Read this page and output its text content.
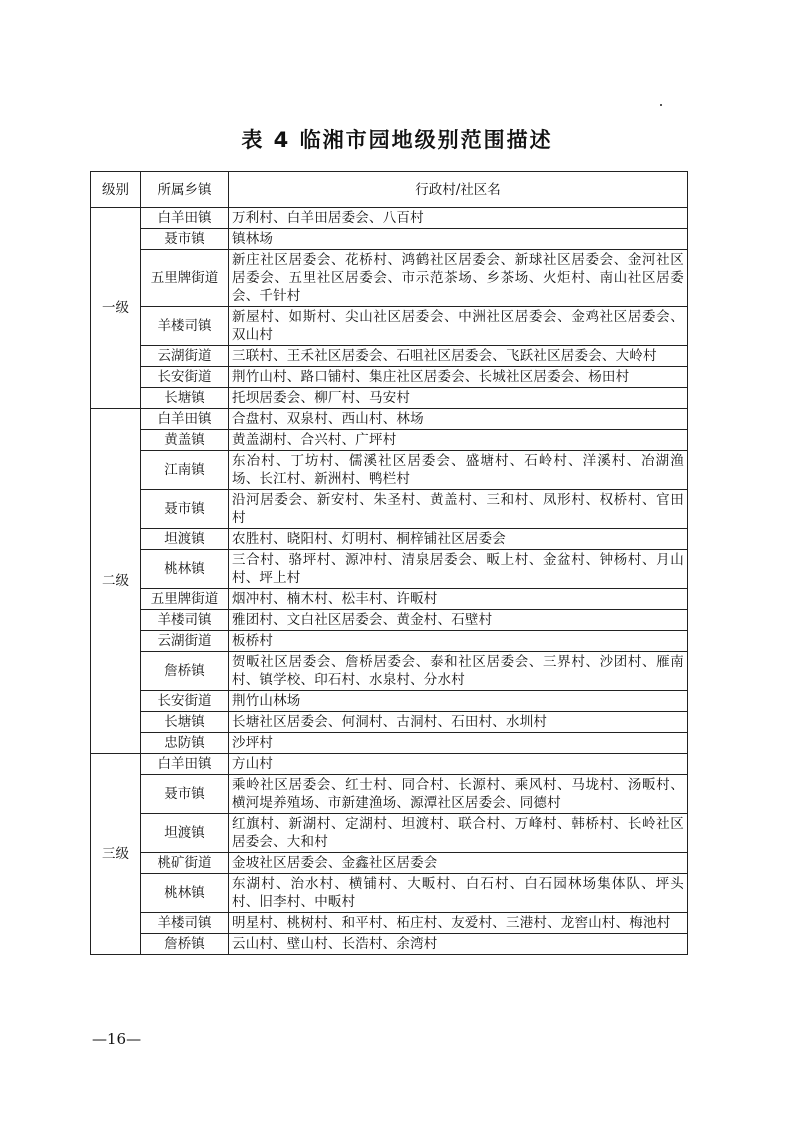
表 4 临湘市园地级别范围描述
级别	所属乡镇	行政村/社区名
一级	白羊田镇	万利村、白羊田居委会、八百村
	聂市镇	镇林场
	五里牌街道	新庄社区居委会、花桥村、鸿鹤社区居委会、新球社区居委会、金河社区居委会、五里社区居委会、市示范茶场、乡茶场、火炬村、南山社区居委会、千针村
	羊楼司镇	新屋村、如斯村、尖山社区居委会、中洲社区居委会、金鸡社区居委会、双山村
	云湖街道	三联村、王禾社区居委会、石咀社区居委会、飞跃社区居委会、大岭村
	长安街道	荆竹山村、路口铺村、集庄社区居委会、长城社区居委会、杨田村
	长塘镇	托坝居委会、柳厂村、马安村
二级	白羊田镇	合盘村、双泉村、西山村、林场
	黄盖镇	黄盖湖村、合兴村、广坪村
	江南镇	东冶村、丁坊村、儒溪社区居委会、盛塘村、石岭村、洋溪村、冶湖渔场、长江村、新洲村、鸭栏村
	聂市镇	沿河居委会、新安村、朱圣村、黄盖村、三和村、凤形村、权桥村、官田村
	坦渡镇	农胜村、晓阳村、灯明村、桐梓铺社区居委会
	桃林镇	三合村、骆坪村、源冲村、清泉居委会、畈上村、金盆村、钟杨村、月山村、坪上村
	五里牌街道	烟冲村、楠木村、松丰村、许畈村
	羊楼司镇	雅团村、文白社区居委会、黄金村、石壁村
	云湖街道	板桥村
	詹桥镇	贺畈社区居委会、詹桥居委会、泰和社区居委会、三界村、沙团村、雁南村、镇学校、印石村、水泉村、分水村
	长安街道	荆竹山林场
	长塘镇	长塘社区居委会、何洞村、古洞村、石田村、水圳村
	忠防镇	沙坪村
三级	白羊田镇	方山村
	聂市镇	乘岭社区居委会、红士村、同合村、长源村、乘风村、马垅村、汤畈村、横河堤养殖场、市新建渔场、源潭社区居委会、同德村
	坦渡镇	红旗村、新湖村、定湖村、坦渡村、联合村、万峰村、韩桥村、长岭社区居委会、大和村
	桃矿街道	金坡社区居委会、金鑫社区居委会
	桃林镇	东湖村、治水村、横铺村、大畈村、白石村、白石园林场集体队、坪头村、旧李村、中畈村
	羊楼司镇	明星村、桃树村、和平村、柘庄村、友爱村、三港村、龙窖山村、梅池村
	詹桥镇	云山村、壁山村、长浩村、余湾村
—16—
